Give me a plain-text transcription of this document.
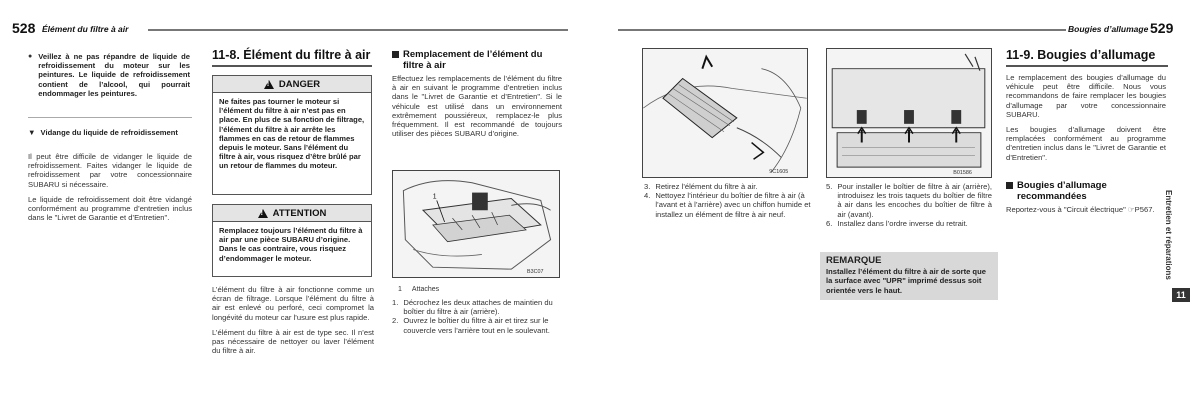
528 Élément du filtre à air	Bougies d’allumage 529
● Veillez à ne pas répandre de liquide de refroidissement du moteur sur les peintures. Le liquide de refroidissement contient de l’alcool, qui pourrait endommager les peintures.
▼ Vidange du liquide de refroidissement

Il peut être difficile de vidanger le liquide de refroidissement. Faites vidanger le liquide de refroidissement par votre concessionnaire SUBARU si nécessaire.

Le liquide de refroidissement doit être vidangé conformément au programme d’entretien inclus dans le "Livret de Garantie et d’Entretien".

11-8. Élément du filtre à air
! DANGER
Ne faites pas tourner le moteur si l’élément du filtre à air n’est pas en place. En plus de sa fonction de filtrage, l’élément du filtre à air arrête les flammes en cas de retour de flammes depuis le moteur. Sans l’élément du filtre à air, vous risquez d’être brûlé par un retour de flammes du moteur.
! ATTENTION
Remplacez toujours l’élément du filtre à air par une pièce SUBARU d’origine. Dans le cas contraire, vous risquez d’endommager le moteur.

L’élément du filtre à air fonctionne comme un écran de filtrage. Lorsque l’élément du filtre à air est enlevé ou perforé, ceci compromet la longévité du moteur car l’usure est plus rapide.

L’élément du filtre à air est de type sec. Il n’est pas nécessaire de nettoyer ou laver l’élément du filtre à air.

Remplacement de l’élément du filtre à air
Effectuez les remplacements de l’élément du filtre à air en suivant le programme d’entretien inclus dans le "Livret de Garantie et d’Entretien". Si le véhicule est utilisé dans un environnement extrêmement poussiéreux, remplacez-le plus fréquemment. Il est recommandé de toujours utiliser des pièces SUBARU d’origine.
1
B3C07
1 Attaches
1. Décrochez les deux attaches de maintien du boîtier du filtre à air (arrière).
2. Ouvrez le boîtier du filtre à air et tirez sur le couvercle vers l’arrière tout en le soulevant.
9C1605
3. Retirez l’élément du filtre à air.
4. Nettoyez l’intérieur du boîtier de filtre à air (à l’avant et à l’arrière) avec un chiffon humide et installez un élément de filtre à air neuf.
B01586
5. Pour installer le boîtier de filtre à air (arrière), introduisez les trois taquets du boîtier de filtre à air dans les encoches du boîtier de filtre à air (avant).
6. Installez dans l’ordre inverse du retrait.
REMARQUE
Installez l’élément du filtre à air de sorte que la surface avec "UPR" imprimé dessus soit orientée vers le haut.
11-9. Bougies d’allumage

Le remplacement des bougies d’allumage du véhicule peut être difficile. Nous vous recommandons de faire remplacer les bougies d’allumage par votre concessionnaire SUBARU.

Les bougies d’allumage doivent être remplacées conformément au programme d’entretien inclus dans le "Livret de Garantie et d’Entretien".

Bougies d’allumage recommandées
Reportez-vous à "Circuit électrique" ☞P567.	Entretien et réparations
11
